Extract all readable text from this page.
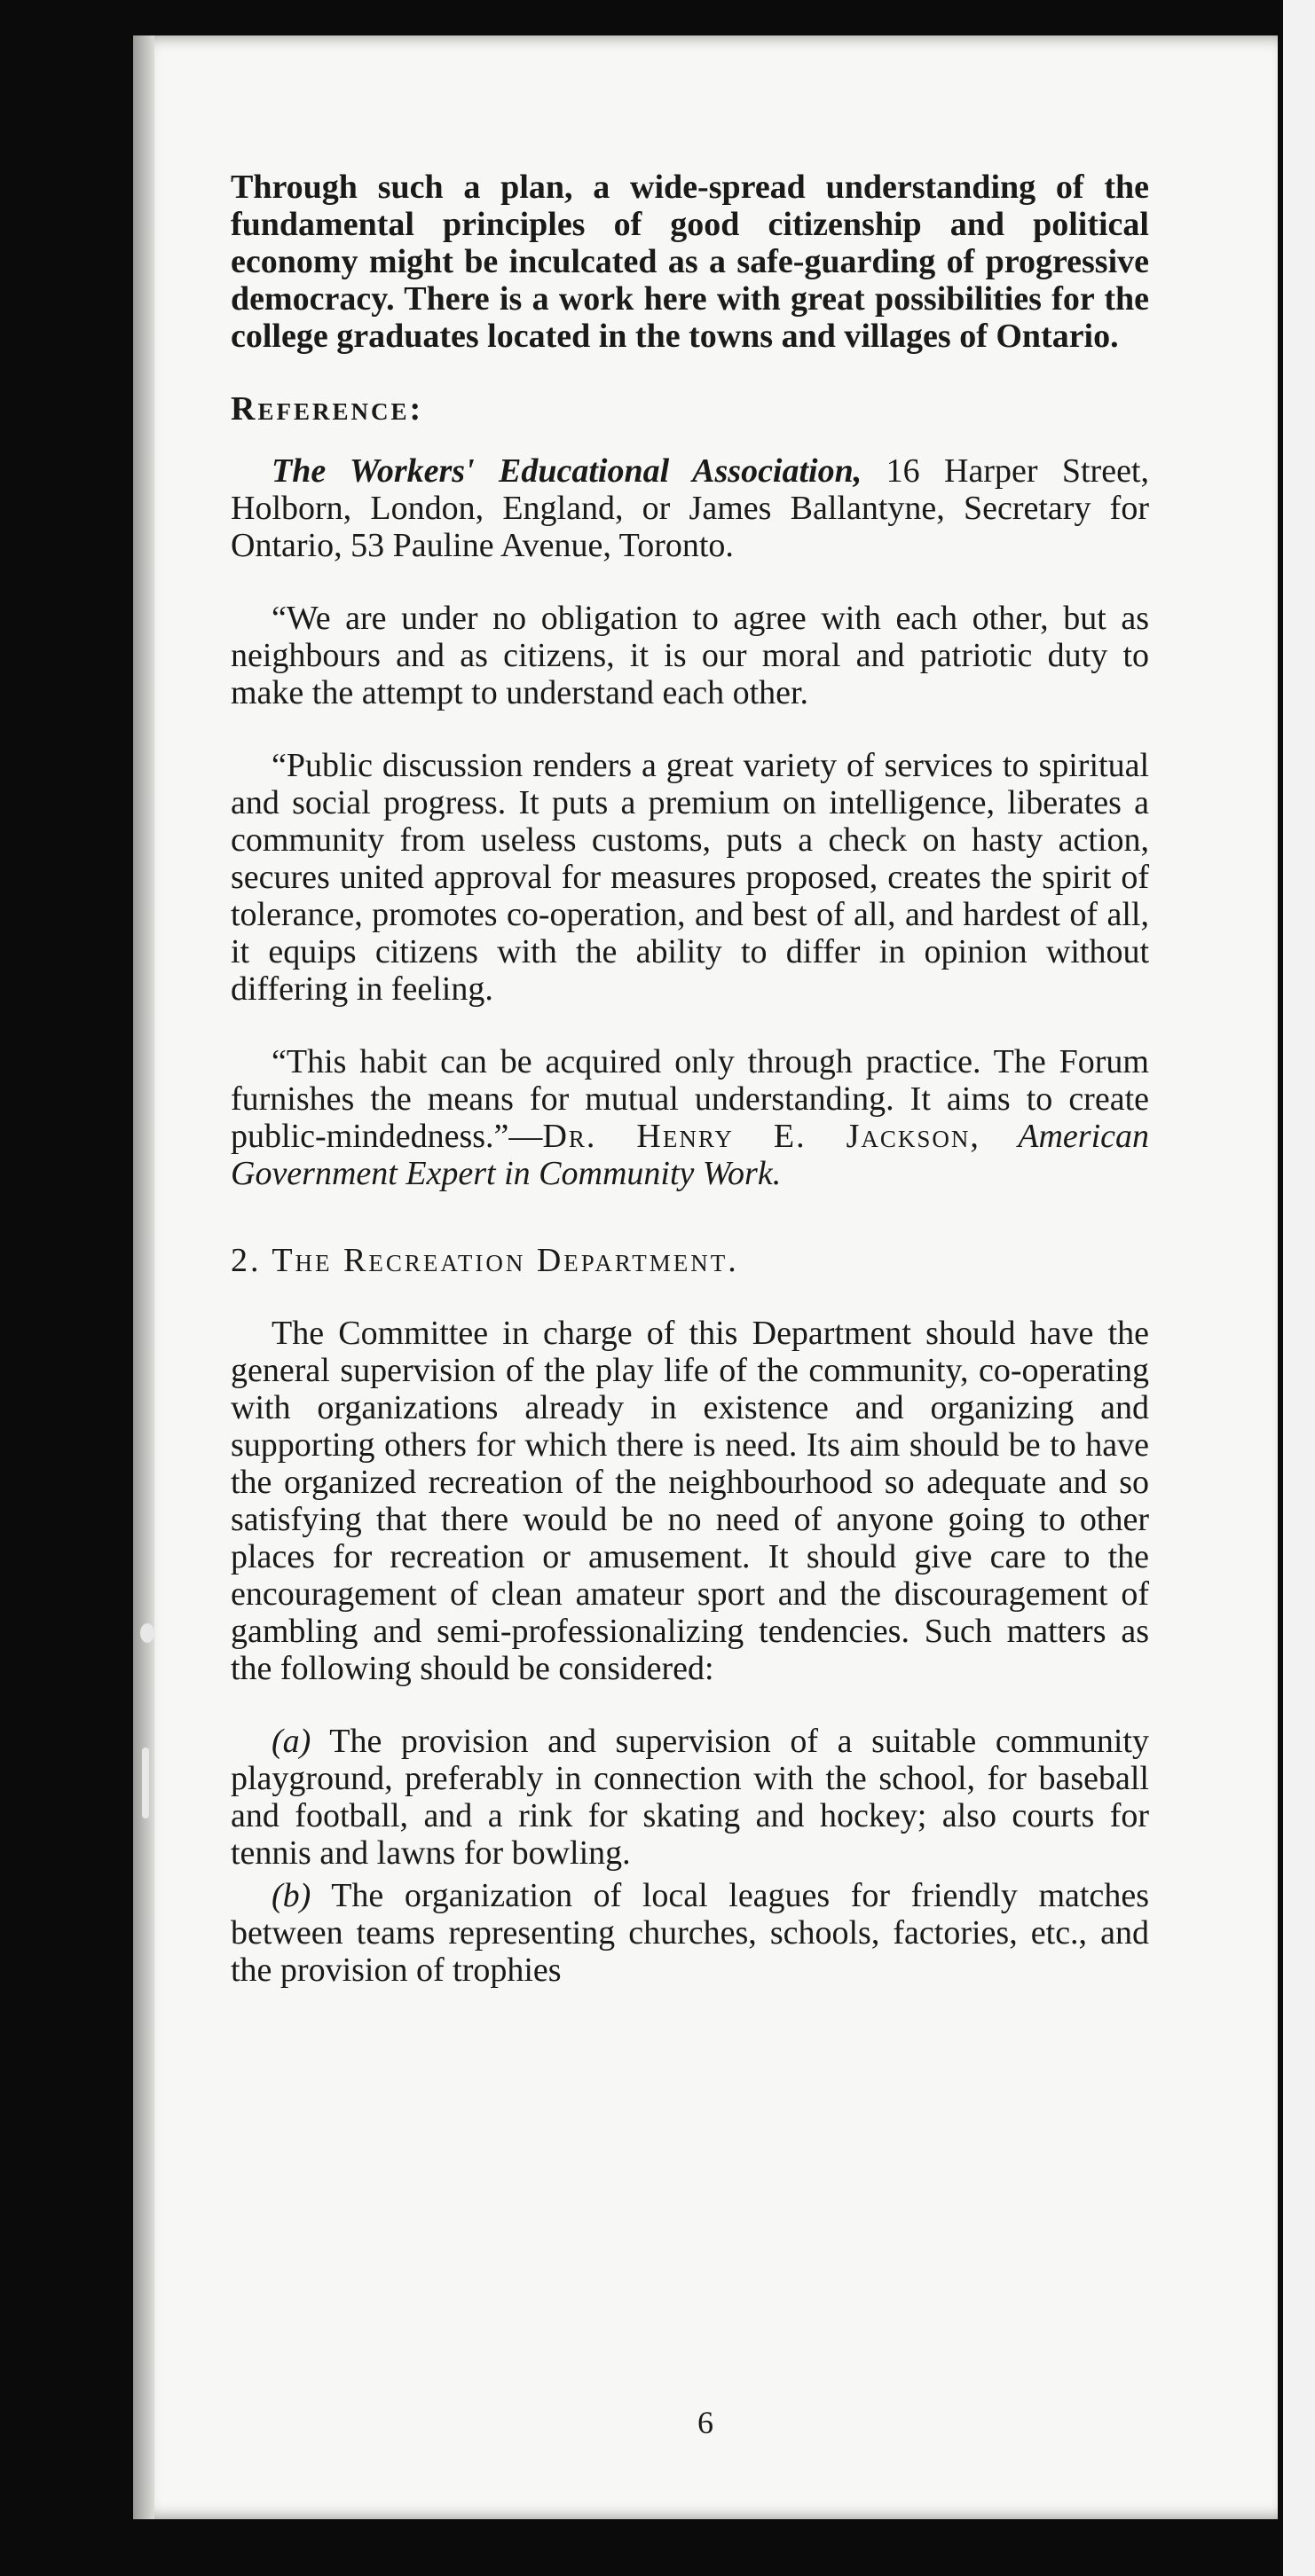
Through such a plan, a wide-spread understanding of the fundamental principles of good citizenship and political economy might be inculcated as a safe-guarding of progressive democracy. There is a work here with great possibilities for the college graduates located in the towns and villages of Ontario.

Reference:

The Workers' Educational Association, 16 Harper Street, Holborn, London, England, or James Ballantyne, Secretary for Ontario, 53 Pauline Avenue, Toronto.

“We are under no obligation to agree with each other, but as neighbours and as citizens, it is our moral and patriotic duty to make the attempt to understand each other.

“Public discussion renders a great variety of services to spiritual and social progress. It puts a premium on intelligence, liberates a community from useless customs, puts a check on hasty action, secures united approval for measures proposed, creates the spirit of tolerance, promotes co-operation, and best of all, and hardest of all, it equips citizens with the ability to differ in opinion without differing in feeling.

“This habit can be acquired only through practice. The Forum furnishes the means for mutual understanding. It aims to create public-mindedness.”—Dr. Henry E. Jackson, American Government Expert in Community Work.

2. The Recreation Department.

The Committee in charge of this Department should have the general supervision of the play life of the community, co-operating with organizations already in existence and organizing and supporting others for which there is need. Its aim should be to have the organized recreation of the neighbourhood so adequate and so satisfying that there would be no need of anyone going to other places for recreation or amusement. It should give care to the encouragement of clean amateur sport and the discouragement of gambling and semi-professionalizing tendencies. Such matters as the following should be considered:

(a) The provision and supervision of a suitable community playground, preferably in connection with the school, for baseball and football, and a rink for skating and hockey; also courts for tennis and lawns for bowling.

(b) The organization of local leagues for friendly matches between teams representing churches, schools, factories, etc., and the provision of trophies

6
